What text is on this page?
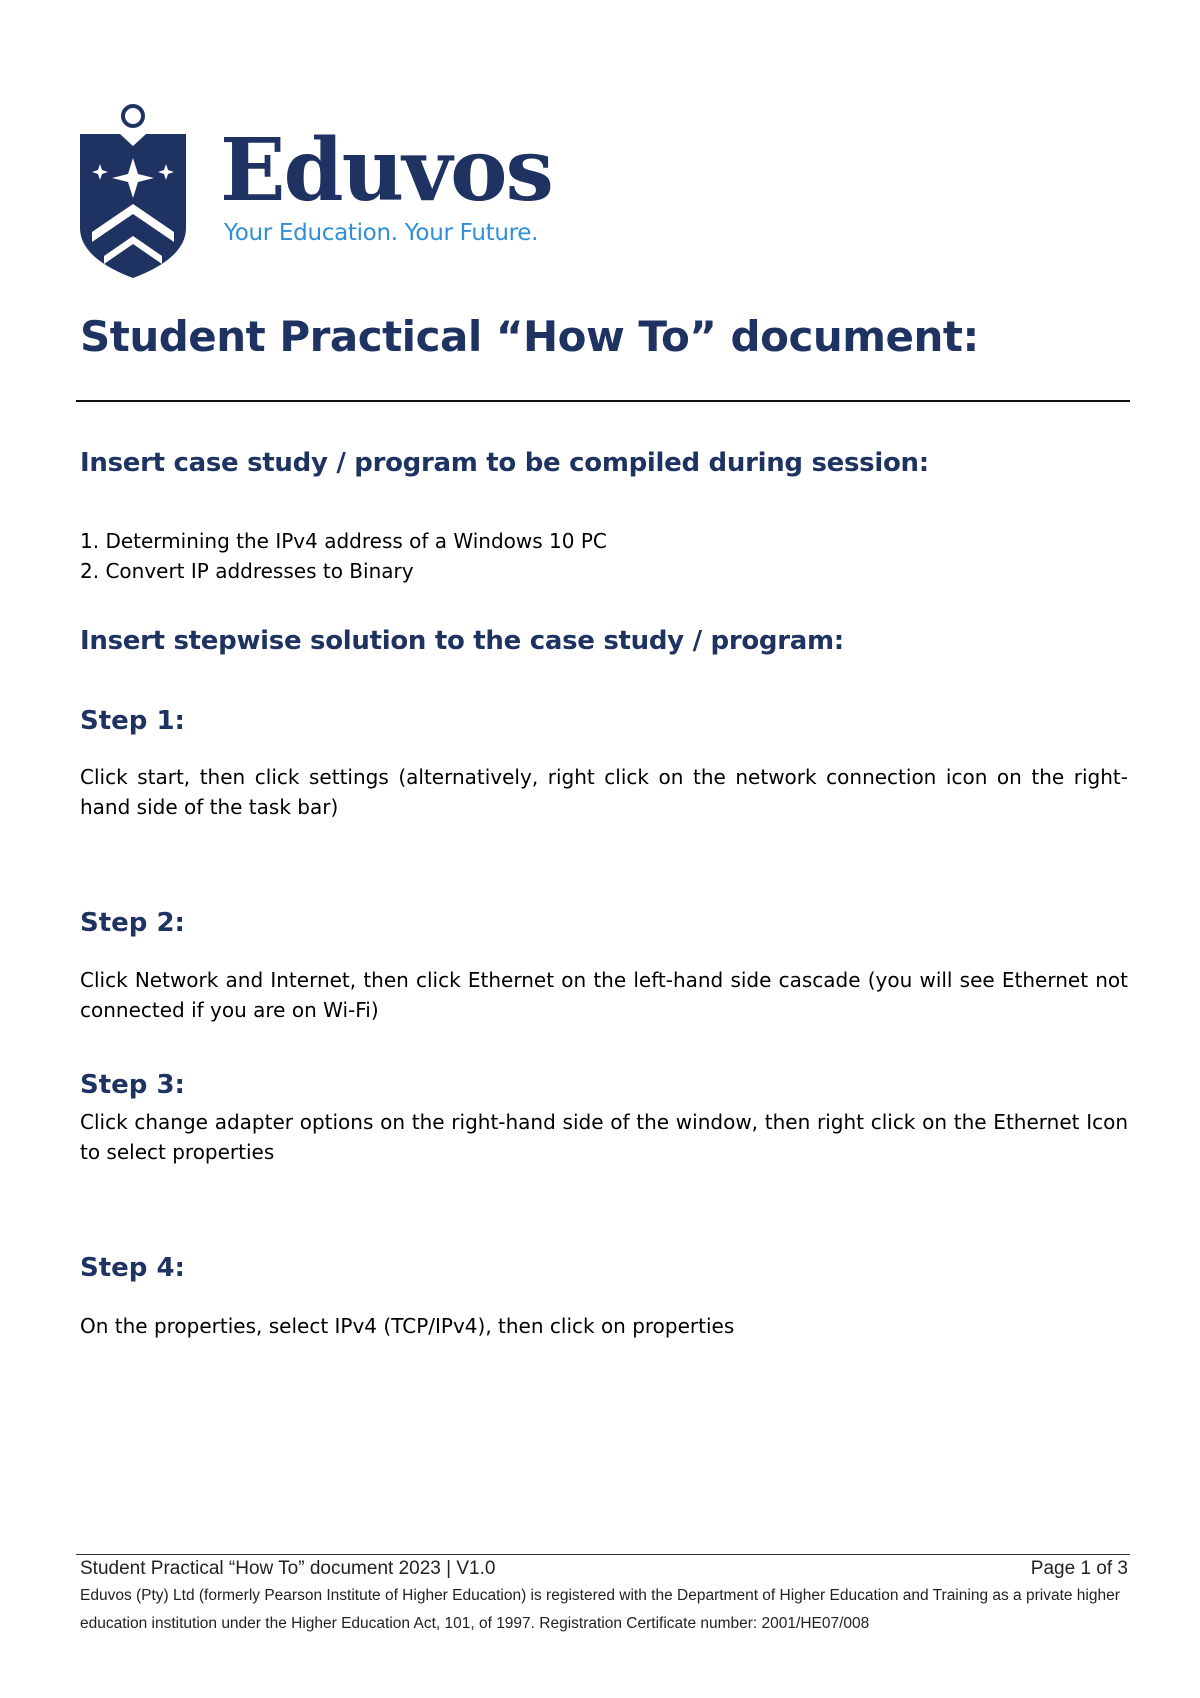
Eduvos
Your Education. Your Future.
Student Practical “How To” document:
Insert case study / program to be compiled during session:
1. Determining the IPv4 address of a Windows 10 PC
2. Convert IP addresses to Binary
Insert stepwise solution to the case study / program:
Step 1:

Click start, then click settings (alternatively, right click on the network connection icon on the right-hand side of the task bar)

Step 2:

Click Network and Internet, then click Ethernet on the left-hand side cascade (you will see Ethernet not connected if you are on Wi-Fi)

Step 3:

Click change adapter options on the right-hand side of the window, then right click on the Ethernet Icon to select properties

Step 4:

On the properties, select IPv4 (TCP/IPv4), then click on properties

Student Practical “How To” document 2023 | V1.0	Page 1 of 3

Eduvos (Pty) Ltd (formerly Pearson Institute of Higher Education) is registered with the Department of Higher Education and Training as a private higher education institution under the Higher Education Act, 101, of 1997. Registration Certificate number: 2001/HE07/008
